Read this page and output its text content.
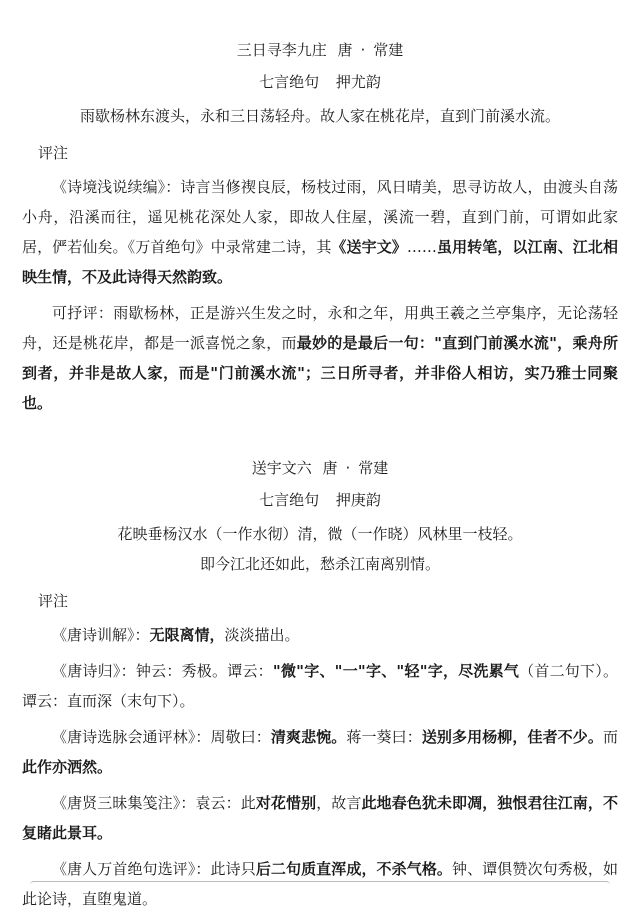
三日寻李九庄 唐 · 常建
七言绝句 押尤韵
雨歇杨林东渡头，永和三日荡轻舟。故人家在桃花岸，直到门前溪水流。
评注

《诗境浅说续编》：诗言当修禊良辰，杨枝过雨，风日晴美，思寻访故人，由渡头自荡小舟，沿溪而往，遥见桃花深处人家，即故人住屋，溪流一碧，直到门前，可谓如此家居，俨若仙矣。《万首绝句》中录常建二诗，其《送宇文》……虽用转笔，以江南、江北相映生情，不及此诗得天然韵致。

可抒评：雨歇杨林，正是游兴生发之时，永和之年，用典王羲之兰亭集序，无论荡轻舟，还是桃花岸，都是一派喜悦之象，而最妙的是最后一句："直到门前溪水流"，乘舟所到者，并非是故人家，而是"门前溪水流"；三日所寻者，并非俗人相访，实乃雅士同聚也。

送宇文六 唐 · 常建
七言绝句 押庚韵
花映垂杨汉水（一作水彻）清，微（一作晓）风林里一枝轻。
即今江北还如此，愁杀江南离别情。
评注

《唐诗训解》：无限离情，淡淡描出。

《唐诗归》：钟云：秀极。谭云："微"字、"一"字、"轻"字，尽洗累气（首二句下）。谭云：直而深（末句下）。

《唐诗选脉会通评林》：周敬曰：清爽悲惋。蒋一葵曰：送别多用杨柳，佳者不少。而此作亦洒然。

《唐贤三昧集笺注》：袁云：此对花惜别，故言此地春色犹未即凋，独恨君往江南，不复睹此景耳。

《唐人万首绝句选评》：此诗只后二句质直浑成，不杀气格。钟、谭俱赞次句秀极，如此论诗，直堕鬼道。
